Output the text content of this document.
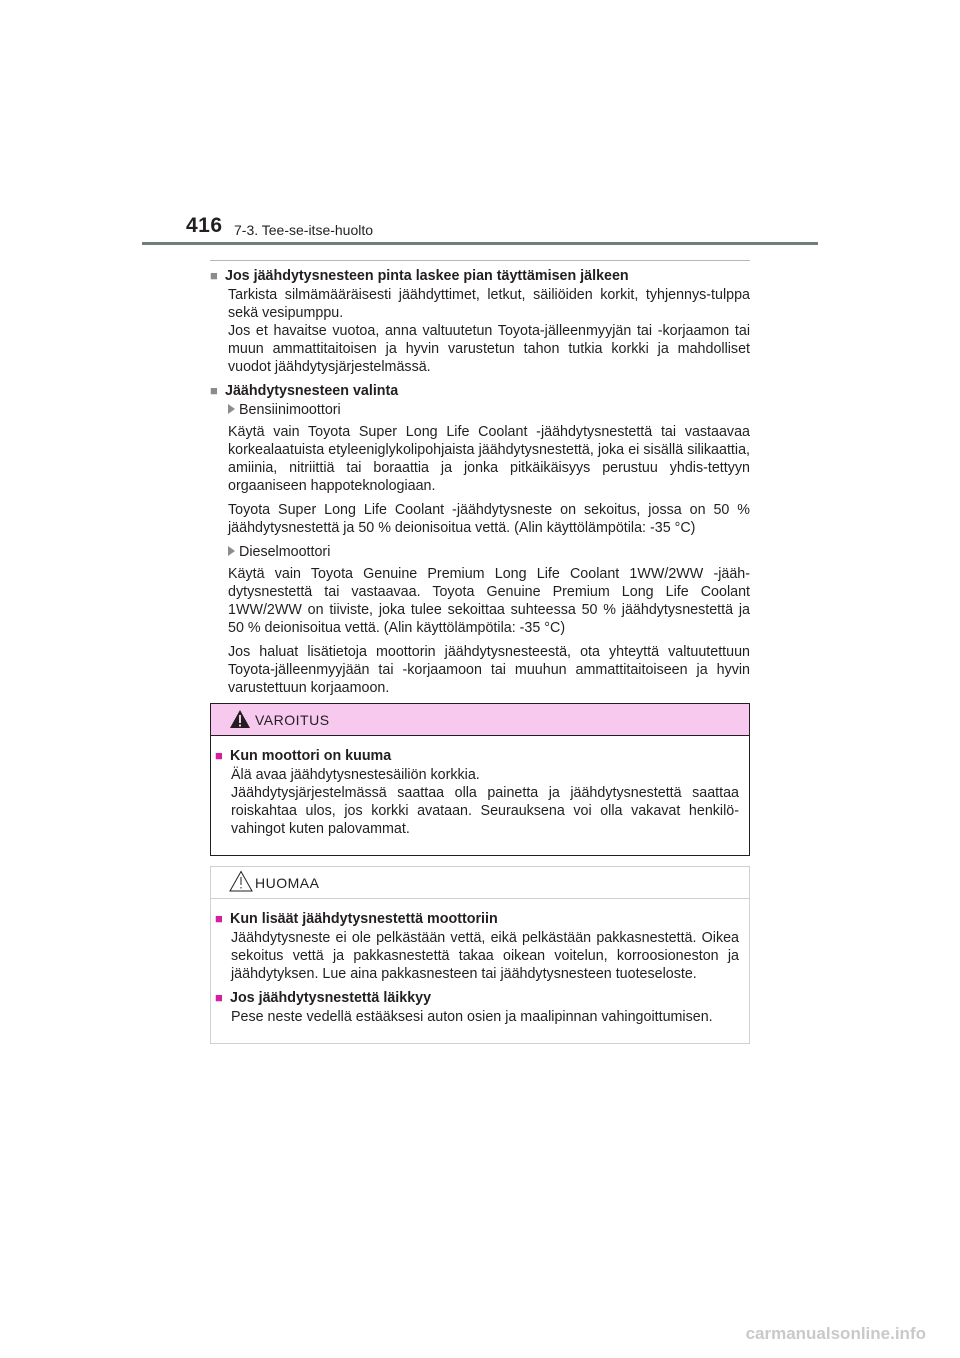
416 7-3. Tee-se-itse-huolto
■ Jos jäähdytysnesteen pinta laskee pian täyttämisen jälkeen
Tarkista silmämääräisesti jäähdyttimet, letkut, säiliöiden korkit, tyhjennys-tulppa sekä vesipumppu.
Jos et havaitse vuotoa, anna valtuutetun Toyota-jälleenmyyjän tai -korjaamon tai muun ammattitaitoisen ja hyvin varustetun tahon tutkia korkki ja mahdolliset vuodot jäähdytysjärjestelmässä.
■ Jäähdytysnesteen valinta
Bensiinimoottori
Käytä vain Toyota Super Long Life Coolant -jäähdytysnestettä tai vastaavaa korkealaatuista etyleeniglykolipohjaista jäähdytysnestettä, joka ei sisällä silikaattia, amiinia, nitriittiä tai boraattia ja jonka pitkäikäisyys perustuu yhdis-tettyyn orgaaniseen happoteknologiaan.
Toyota Super Long Life Coolant -jäähdytysneste on sekoitus, jossa on 50 % jäähdytysnestettä ja 50 % deionisoitua vettä. (Alin käyttölämpötila: -35 °C)
Dieselmoottori
Käytä vain Toyota Genuine Premium Long Life Coolant 1WW/2WW -jääh-dytysnestettä tai vastaavaa. Toyota Genuine Premium Long Life Coolant 1WW/2WW on tiiviste, joka tulee sekoittaa suhteessa 50 % jäähdytysnestettä ja 50 % deionisoitua vettä. (Alin käyttölämpötila: -35 °C)
Jos haluat lisätietoja moottorin jäähdytysnesteestä, ota yhteyttä valtuutettuun Toyota-jälleenmyyjään tai -korjaamoon tai muuhun ammattitaitoiseen ja hyvin varustettuun korjaamoon.
VAROITUS
■ Kun moottori on kuuma
Älä avaa jäähdytysnestesäiliön korkkia.
Jäähdytysjärjestelmässä saattaa olla painetta ja jäähdytysnestettä saattaa roiskahtaa ulos, jos korkki avataan. Seurauksena voi olla vakavat henkilö-vahingot kuten palovammat.
HUOMAA
■ Kun lisäät jäähdytysnestettä moottoriin
Jäähdytysneste ei ole pelkästään vettä, eikä pelkästään pakkasnestettä. Oikea sekoitus vettä ja pakkasnestettä takaa oikean voitelun, korroosioneston ja jäähdytyksen. Lue aina pakkasnesteen tai jäähdytysnesteen tuoteseloste.
■ Jos jäähdytysnestettä läikkyy
Pese neste vedellä estääksesi auton osien ja maalipinnan vahingoittumisen.
carmanualsonline.info
